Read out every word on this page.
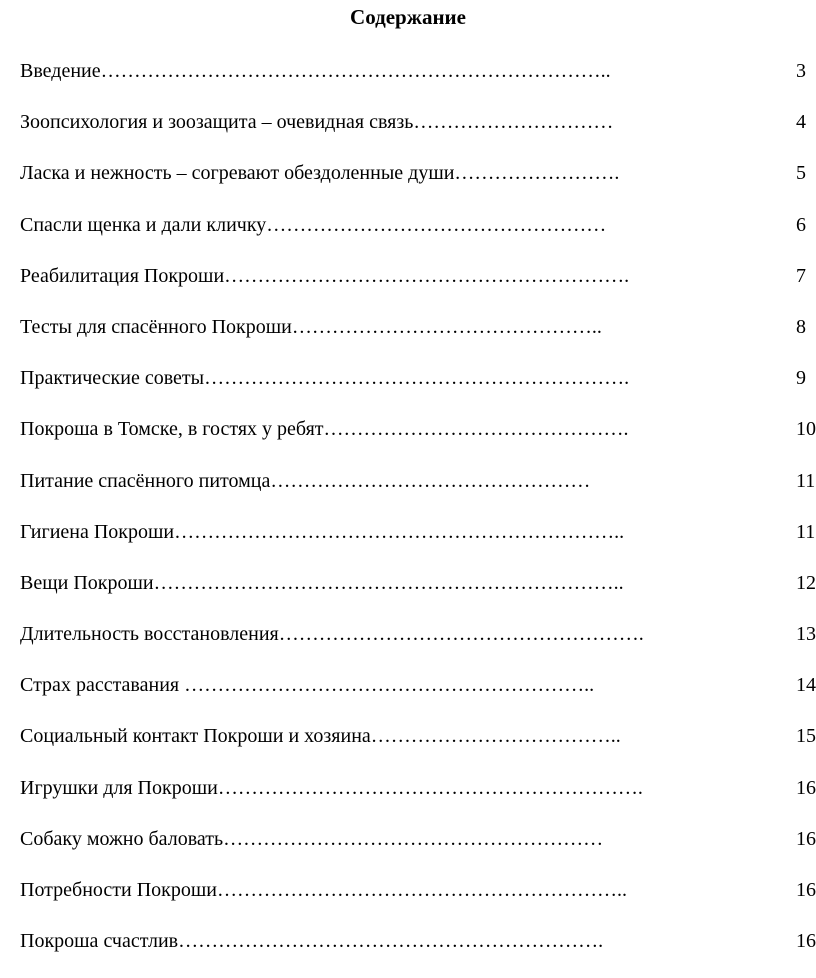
Содержание
Введение…………………………………………………………………..	3
Зоопсихология и зоозащита – очевидная связь…………………………	4
Ласка и нежность – согревают обездоленные души…………………….	5
Спасли щенка и дали кличку……………………………………………	6
Реабилитация Покроши…………………………………………………….	7
Тесты для спасённого Покроши………………………………………..	8
Практические советы……………………………………………………….	9
Покроша в Томске, в гостях у ребят……………………………………….	10
Питание спасённого питомца…………………………………………	11
Гигиена Покроши…………………………………………………………..	11
Вещи Покроши……………………………………………………………..	12
Длительность восстановления……………………………………………….	13
Страх расставания ……………………………………………………..	14
Социальный контакт Покроши и хозяина………………………………..	15
Игрушки для Покроши……………………………………………………….	16
Собаку можно баловать…………………………………………………	16
Потребности Покроши……………………………………………………..	16
Покроша счастлив……………………………………………………….	16
